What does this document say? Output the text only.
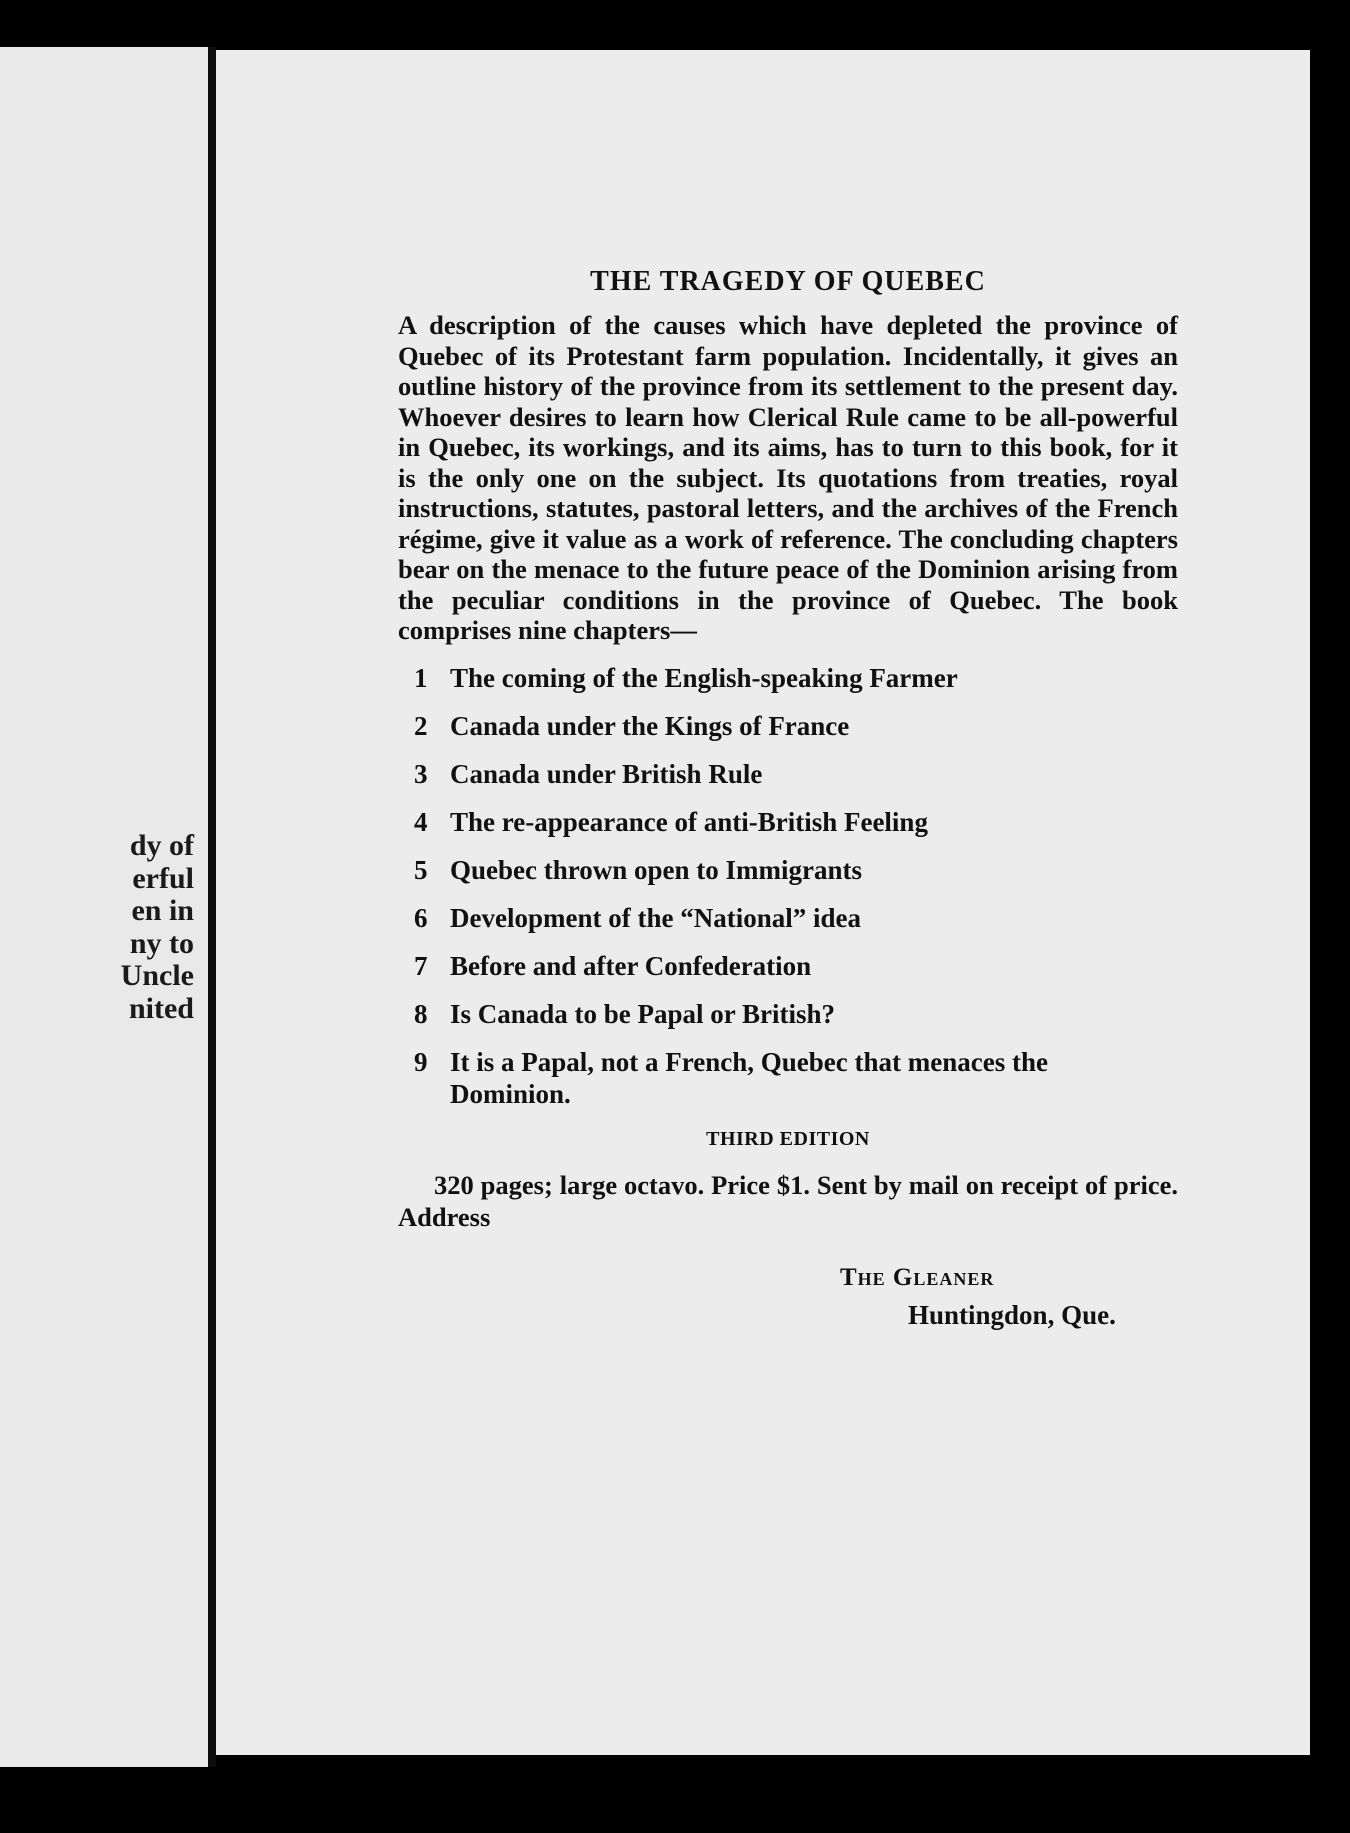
dy of
erful
en in
ny to
Uncle
nited
THE TRAGEDY OF QUEBEC

A description of the causes which have depleted the province of Quebec of its Protestant farm population. Incidentally, it gives an outline history of the province from its settlement to the present day. Whoever desires to learn how Clerical Rule came to be all-powerful in Quebec, its workings, and its aims, has to turn to this book, for it is the only one on the subject. Its quotations from treaties, royal instructions, statutes, pastoral letters, and the archives of the French régime, give it value as a work of reference. The concluding chapters bear on the menace to the future peace of the Dominion arising from the peculiar conditions in the province of Quebec. The book comprises nine chapters—

1 The coming of the English-speaking Farmer
2 Canada under the Kings of France
3 Canada under British Rule
4 The re-appearance of anti-British Feeling
5 Quebec thrown open to Immigrants
6 Development of the “National” idea
7 Before and after Confederation
8 Is Canada to be Papal or British?
9 It is a Papal, not a French, Quebec that menaces the Dominion.
THIRD EDITION

320 pages; large octavo. Price $1. Sent by mail on receipt of price. Address

The Gleaner
Huntingdon, Que.
